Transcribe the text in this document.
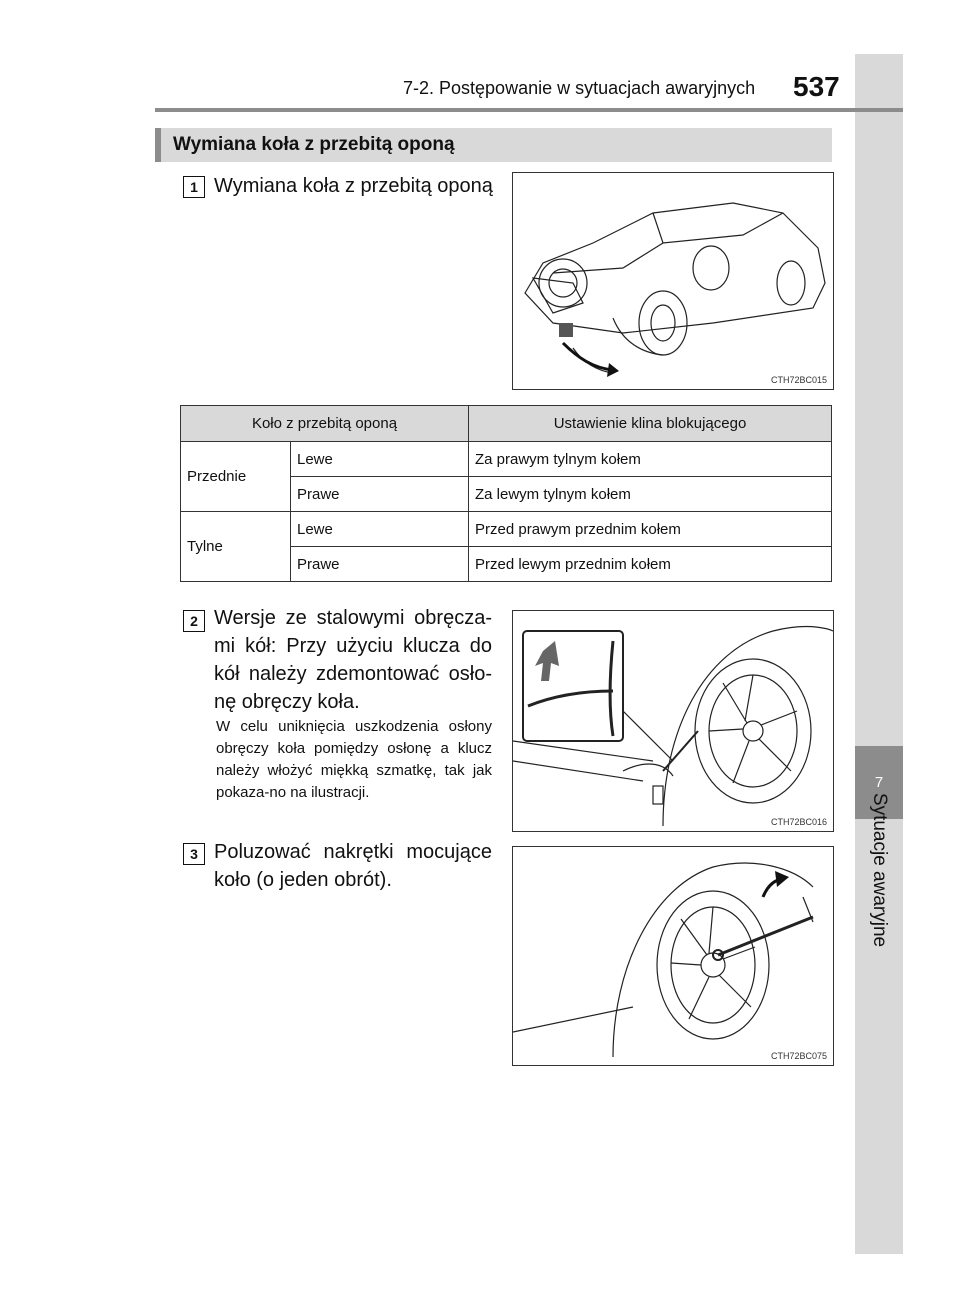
7
Sytuacje awaryjne
7-2. Postępowanie w sytuacjach awaryjnych 537
Wymiana koła z przebitą oponą
1 Wymiana koła z przebitą oponą
CTH72BC015
Koło z przebitą oponą		Ustawienie klina blokującego
Przednie	Lewe	Za prawym tylnym kołem
	Prawe	Za lewym tylnym kołem
Tylne	Lewe	Przed prawym przednim kołem
	Prawe	Przed lewym przednim kołem
2 Wersje ze stalowymi obręcza-mi kół: Przy użyciu klucza do kół należy zdemontować osło-nę obręczy koła.
W celu uniknięcia uszkodzenia osłony obręczy koła pomiędzy osłonę a klucz należy włożyć miękką szmatkę, tak jak pokaza-no na ilustracji.
CTH72BC016
3 Poluzować nakrętki mocujące koło (o jeden obrót).
CTH72BC075
